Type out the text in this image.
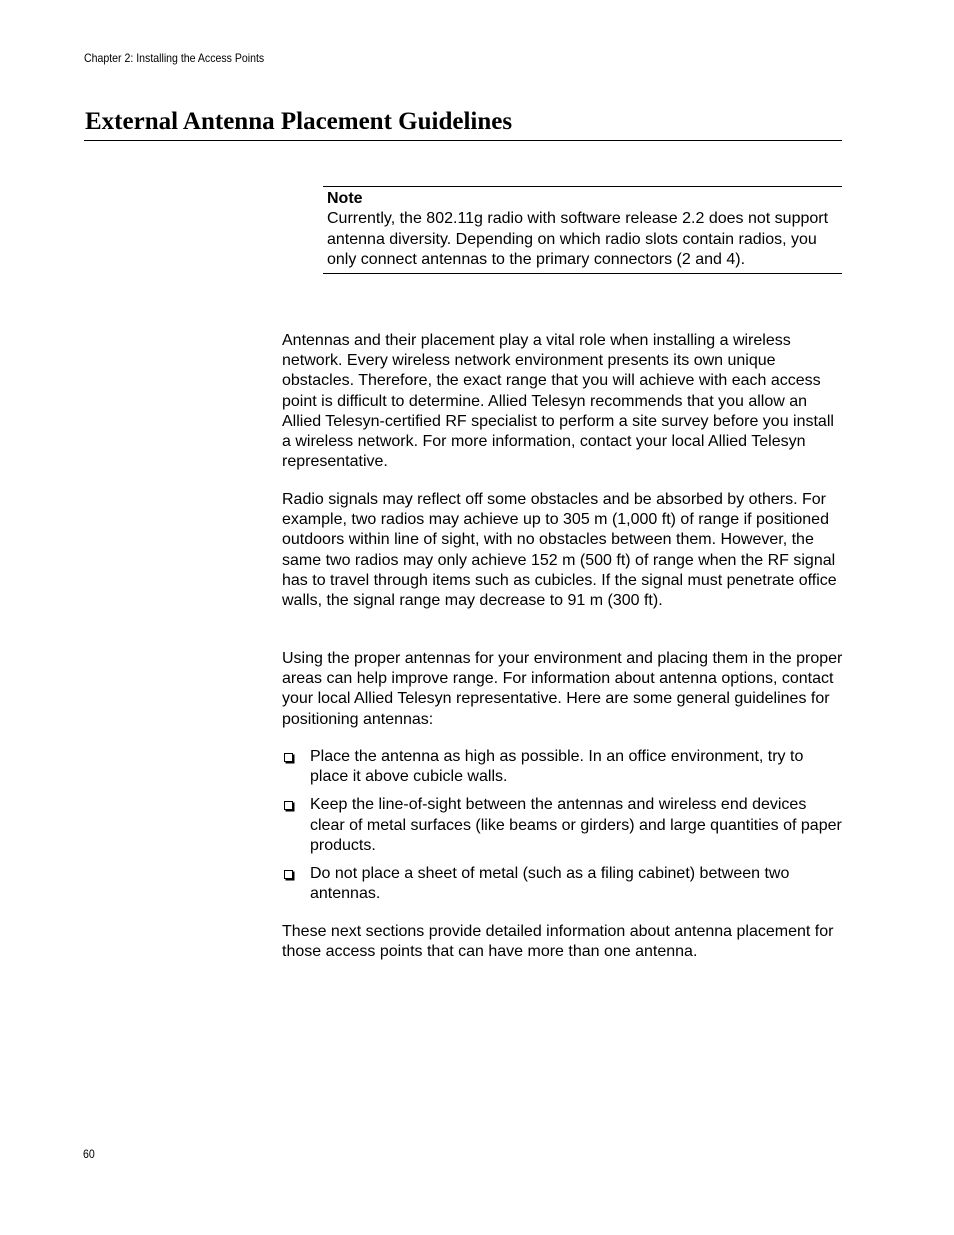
Chapter 2: Installing the Access Points
External Antenna Placement Guidelines
Note
Currently, the 802.11g radio with software release 2.2 does not support antenna diversity. Depending on which radio slots contain radios, you only connect antennas to the primary connectors (2 and 4).

Antennas and their placement play a vital role when installing a wireless network. Every wireless network environment presents its own unique obstacles. Therefore, the exact range that you will achieve with each access point is difficult to determine. Allied Telesyn recommends that you allow an Allied Telesyn-certified RF specialist to perform a site survey before you install a wireless network. For more information, contact your local Allied Telesyn representative.

Radio signals may reflect off some obstacles and be absorbed by others. For example, two radios may achieve up to 305 m (1,000 ft) of range if positioned outdoors within line of sight, with no obstacles between them. However, the same two radios may only achieve 152 m (500 ft) of range when the RF signal has to travel through items such as cubicles. If the signal must penetrate office walls, the signal range may decrease to 91 m (300 ft).

Using the proper antennas for your environment and placing them in the proper areas can help improve range. For information about antenna options, contact your local Allied Telesyn representative. Here are some general guidelines for positioning antennas:

Place the antenna as high as possible. In an office environment, try to place it above cubicle walls.
Keep the line-of-sight between the antennas and wireless end devices clear of metal surfaces (like beams or girders) and large quantities of paper products.
Do not place a sheet of metal (such as a filing cabinet) between two antennas.

These next sections provide detailed information about antenna placement for those access points that can have more than one antenna.

60
